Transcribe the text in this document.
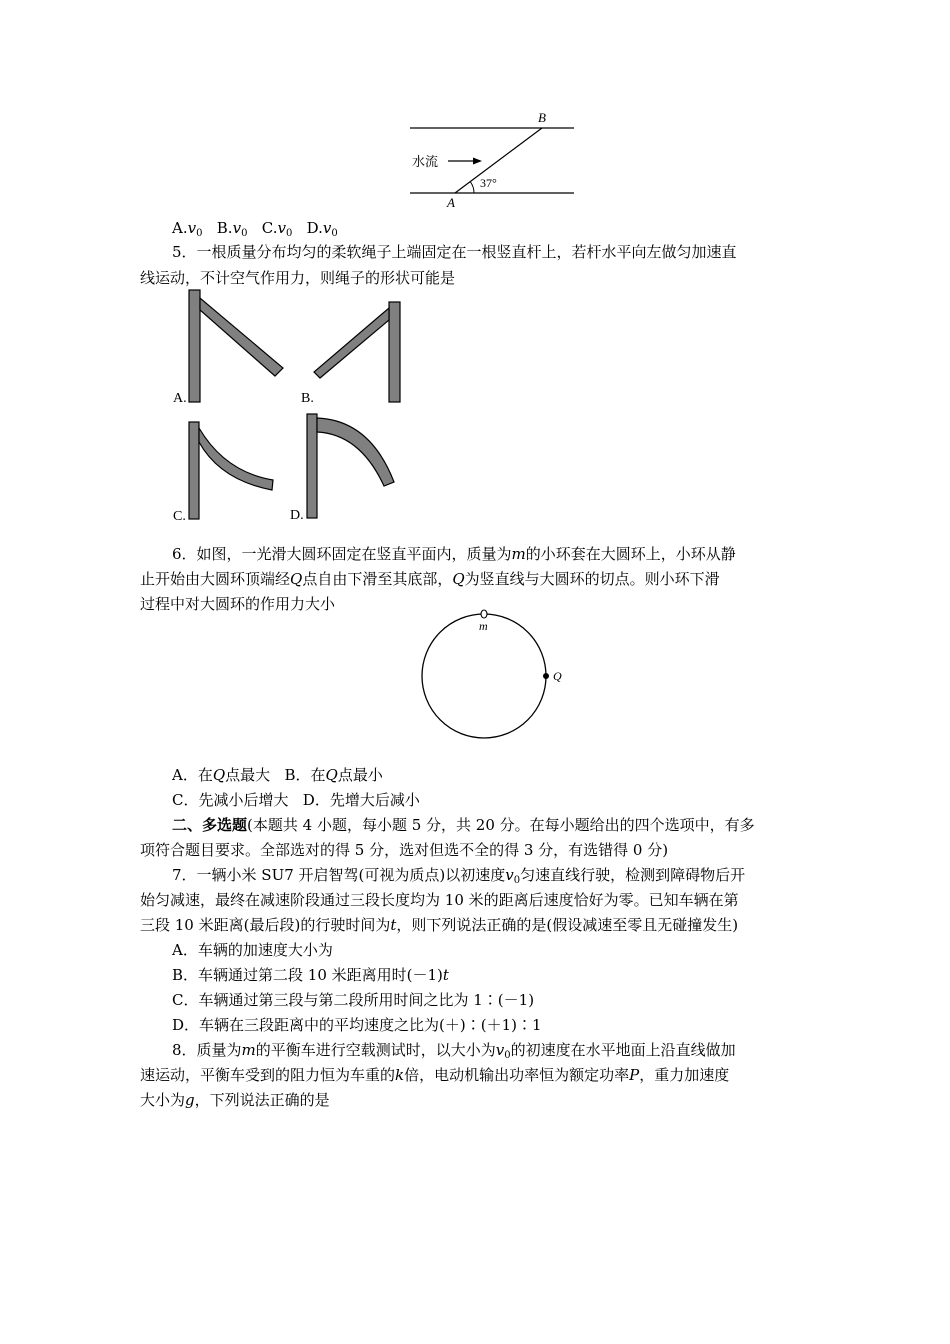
B
A
水流
37°
$A.v_0$ $B.v_0$ $C.v_0$ $D.v_0$
5．一根质量分布均匀的柔软绳子上端固定在一根竖直杆上，若杆水平向左做匀加速直
线运动，不计空气作用力，则绳子的形状可能是
A.	B.
C.	D.
6．如图，一光滑大圆环固定在竖直平面内，质量为m的小环套在大圆环上，小环从静
止开始由大圆环顶端经Q点自由下滑至其底部，Q为竖直线与大圆环的切点。则小环下滑
过程中对大圆环的作用力大小
m
Q
A．在Q点最大 B．在Q点最小
C．先减小后增大 D．先增大后减小
二、多选题(本题共 4 小题，每小题 5 分，共 20 分。在每小题给出的四个选项中，有多
项符合题目要求。全部选对的得 5 分，选对但选不全的得 3 分，有选错得 0 分)
7．一辆小米 SU7 开启智驾(可视为质点)以初速度$v_0$匀速直线行驶，检测到障碍物后开
始匀减速，最终在减速阶段通过三段长度均为 10 米的距离后速度恰好为零。已知车辆在第
三段 10 米距离(最后段)的行驶时间为t，则下列说法正确的是(假设减速至零且无碰撞发生)
A．车辆的加速度大小为
B．车辆通过第二段 10 米距离用时(－1)t
C．车辆通过第三段与第二段所用时间之比为 1∶(－1)
D．车辆在三段距离中的平均速度之比为(＋)∶(＋1)∶1
8．质量为m的平衡车进行空载测试时，以大小为$v_0$的初速度在水平地面上沿直线做加
速运动，平衡车受到的阻力恒为车重的k倍，电动机输出功率恒为额定功率P，重力加速度
大小为g，下列说法正确的是
